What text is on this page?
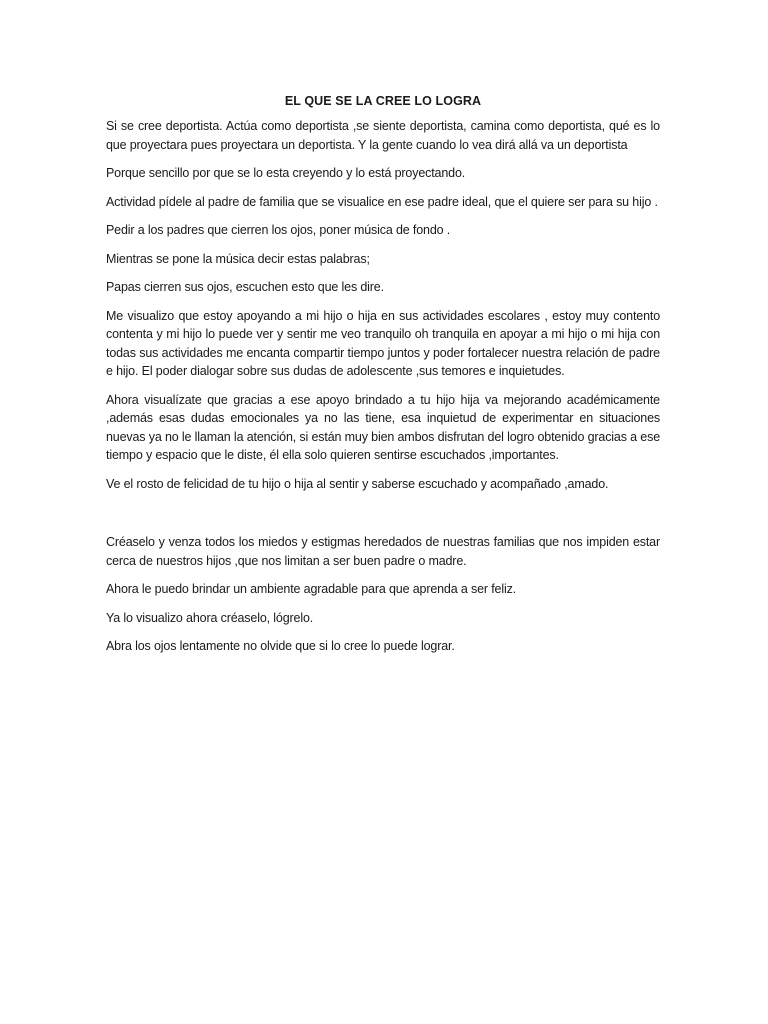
EL QUE SE LA CREE LO LOGRA

Si se cree deportista. Actúa como deportista ,se siente deportista, camina como deportista, qué es lo que proyectara pues proyectara un deportista. Y la gente cuando lo vea dirá allá va un deportista

Porque sencillo por que se lo esta creyendo y lo está proyectando.

Actividad pídele al padre de familia que se visualice en ese padre ideal, que el quiere ser para su hijo .

Pedir a los padres que cierren los ojos, poner música de fondo .

Mientras se pone la música decir estas palabras;

Papas cierren sus ojos, escuchen esto que les dire.

Me visualizo que estoy apoyando a mi hijo o hija en sus actividades escolares , estoy muy contento contenta y mi hijo lo puede ver y sentir me veo tranquilo oh tranquila en apoyar a mi hijo o mi hija con todas sus actividades me encanta compartir tiempo juntos y poder fortalecer nuestra relación de padre e hijo. El poder dialogar sobre sus dudas de adolescente ,sus temores e inquietudes.

Ahora visualízate que gracias a ese apoyo brindado a tu hijo hija va mejorando académicamente ,además esas dudas emocionales ya no las tiene, esa inquietud de experimentar en situaciones nuevas ya no le llaman la atención, si están muy bien ambos disfrutan del logro obtenido gracias a ese tiempo y espacio que le diste, él ella solo quieren sentirse escuchados ,importantes.

Ve el rosto de felicidad de tu hijo o hija al sentir y saberse escuchado y acompañado ,amado.

Créaselo y venza todos los miedos y estigmas heredados de nuestras familias que nos impiden estar cerca de nuestros hijos ,que nos limitan a ser buen padre o madre.

Ahora le puedo brindar un ambiente agradable para que aprenda a ser feliz.

Ya lo visualizo ahora créaselo, lógrelo.

Abra los ojos lentamente no olvide que si lo cree lo puede lograr.
